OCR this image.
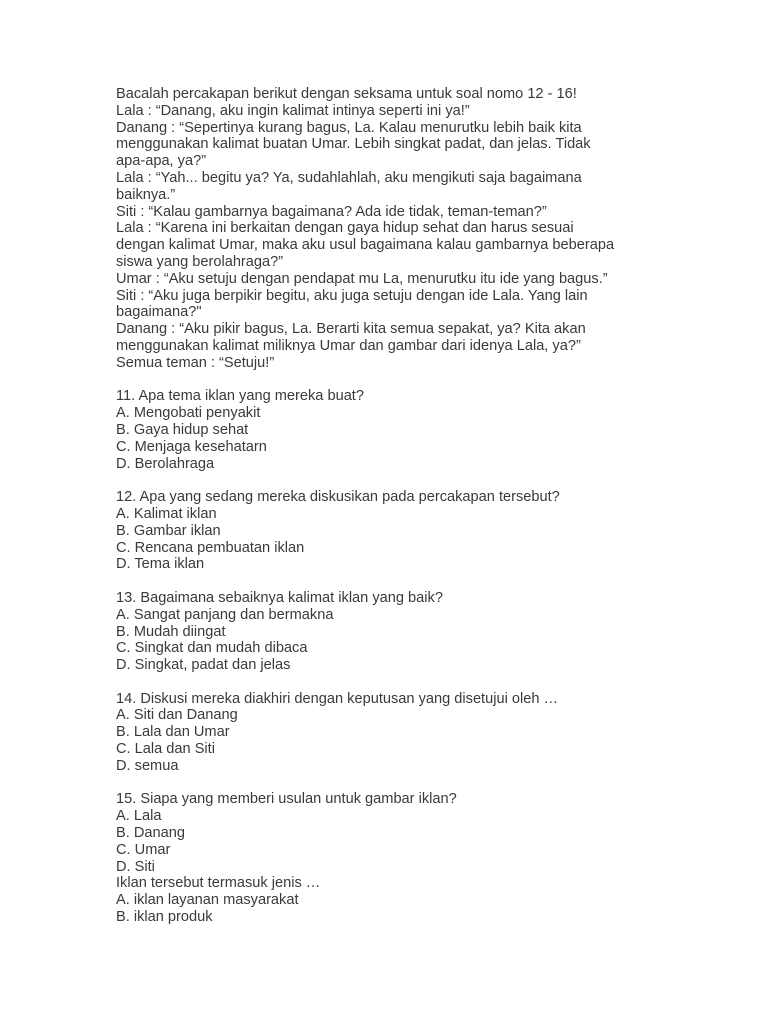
Bacalah percakapan berikut dengan seksama untuk soal nomo 12 - 16!
Lala : “Danang, aku ingin kalimat intinya seperti ini ya!”
Danang : “Sepertinya kurang bagus, La. Kalau menurutku lebih baik kita
menggunakan kalimat buatan Umar. Lebih singkat padat, dan jelas. Tidak
apa-apa, ya?”
Lala : “Yah... begitu ya? Ya, sudahlahlah, aku mengikuti saja bagaimana
baiknya.”
Siti : “Kalau gambarnya bagaimana? Ada ide tidak, teman-teman?”
Lala : “Karena ini berkaitan dengan gaya hidup sehat dan harus sesuai
dengan kalimat Umar, maka aku usul bagaimana kalau gambarnya beberapa
siswa yang berolahraga?”
Umar : “Aku setuju dengan pendapat mu La, menurutku itu ide yang bagus.”
Siti : “Aku juga berpikir begitu, aku juga setuju dengan ide Lala. Yang lain
bagaimana?"
Danang : “Aku pikir bagus, La. Berarti kita semua sepakat, ya? Kita akan
menggunakan kalimat miliknya Umar dan gambar dari idenya Lala, ya?”
Semua teman : “Setuju!”
11. Apa tema iklan yang mereka buat?
A. Mengobati penyakit
B. Gaya hidup sehat
C. Menjaga kesehatarn
D. Berolahraga
12. Apa yang sedang mereka diskusikan pada percakapan tersebut?
A. Kalimat iklan
B. Gambar iklan
C. Rencana pembuatan iklan
D. Tema iklan
13. Bagaimana sebaiknya kalimat iklan yang baik?
A. Sangat panjang dan bermakna
B. Mudah diingat
C. Singkat dan mudah dibaca
D. Singkat, padat dan jelas
14. Diskusi mereka diakhiri dengan keputusan yang disetujui oleh …
A. Siti dan Danang
B. Lala dan Umar
C. Lala dan Siti
D. semua
15. Siapa yang memberi usulan untuk gambar iklan?
A. Lala
B. Danang
C. Umar
D. Siti
Iklan tersebut termasuk jenis …
A. iklan layanan masyarakat
B. iklan produk
